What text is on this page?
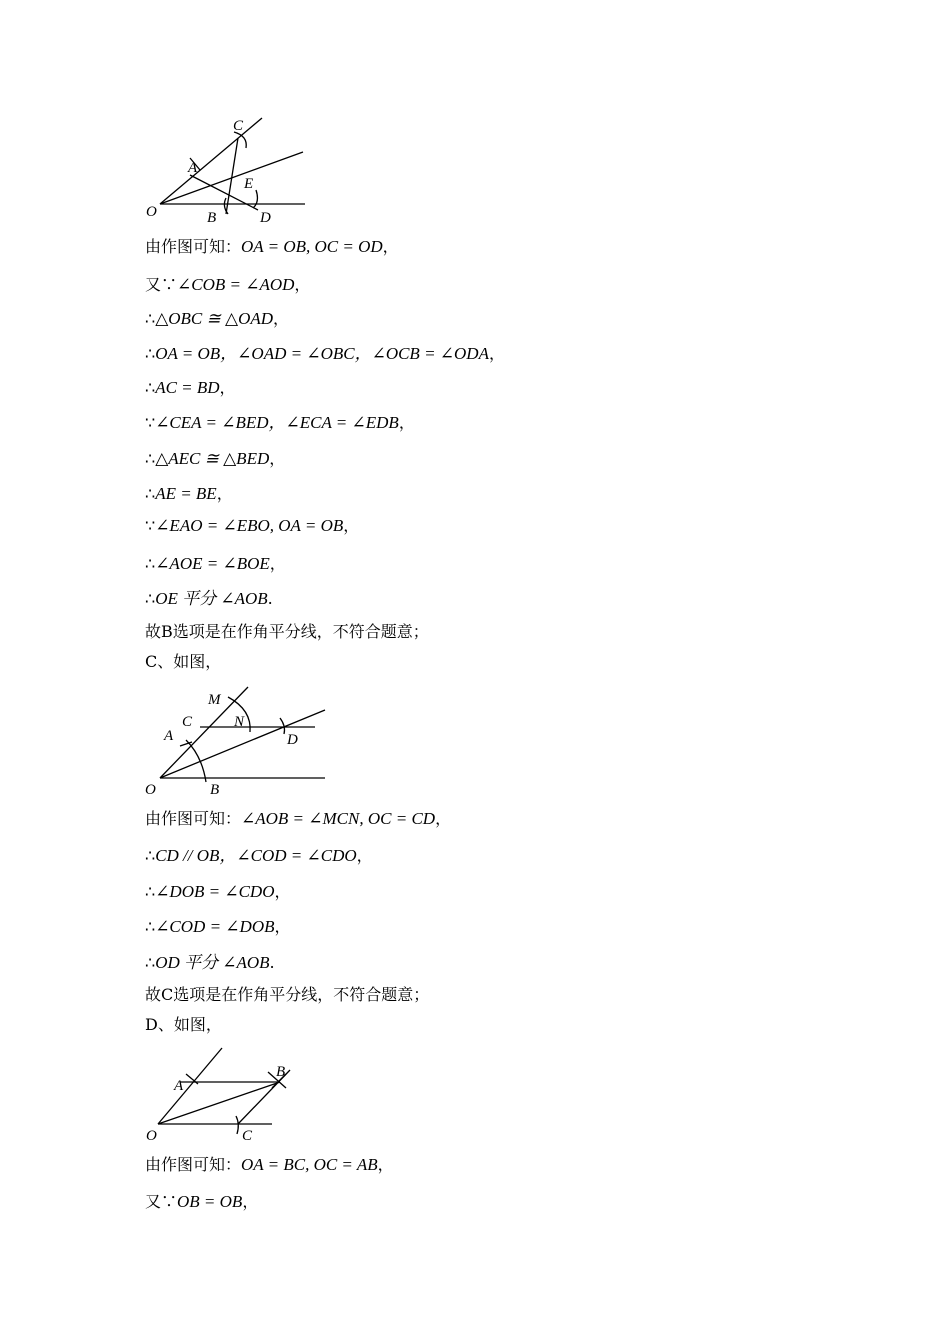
C
A
E
O	B	D
由作图可知：OA = OB, OC = OD，
又∵∠COB = ∠AOD，
∴△OBC ≅ △OAD，
∴OA = OB，∠OAD = ∠OBC，∠OCB = ∠ODA，
∴AC = BD，
∵∠CEA = ∠BED，∠ECA = ∠EDB，
∴△AEC ≅ △BED，
∴AE = BE，
∵∠EAO = ∠EBO, OA = OB，
∴∠AOE = ∠BOE，
∴OE 平分 ∠AOB.
故B选项是在作角平分线，不符合题意；
C、如图，
M
C	N
A	D
O	B
由作图可知：∠AOB = ∠MCN, OC = CD，
∴CD // OB，∠COD = ∠CDO，
∴∠DOB = ∠CDO，
∴∠COD = ∠DOB，
∴OD 平分 ∠AOB.
故C选项是在作角平分线，不符合题意；
D、如图，
A
B
O	C
由作图可知：OA = BC, OC = AB，
又∵OB = OB，
